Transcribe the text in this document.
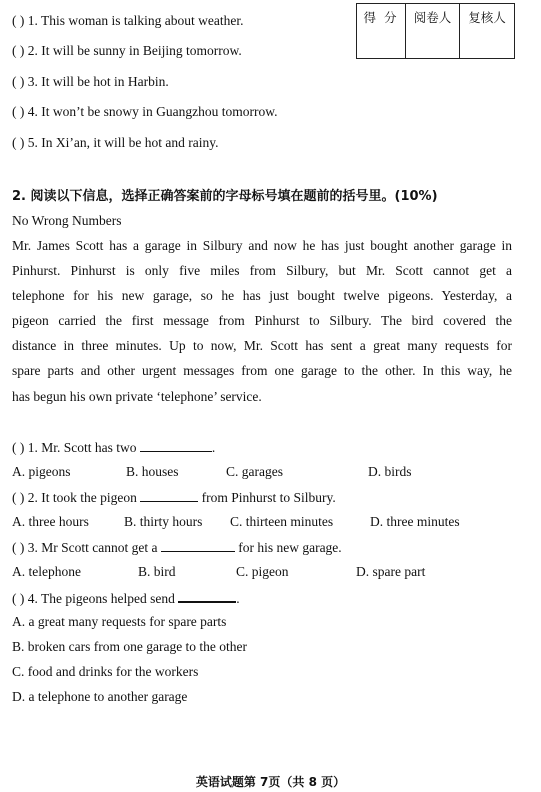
得 分	阅卷人	复核人
( ) 1. This woman is talking about weather.
( ) 2. It will be sunny in Beijing tomorrow.
( ) 3. It will be hot in Harbin.
( ) 4. It won’t be snowy in Guangzhou tomorrow.
( ) 5. In Xi’an, it will be hot and rainy.
2. 阅读以下信息，选择正确答案前的字母标号填在题前的括号里。(10%)
No Wrong Numbers
Mr. James Scott has a garage in Silbury and now he has just bought another garage in
Pinhurst. Pinhurst is only five miles from Silbury, but Mr. Scott cannot get a
telephone for his new garage, so he has just bought twelve pigeons. Yesterday, a
pigeon carried the first message from Pinhurst to Silbury. The bird covered the
distance in three minutes. Up to now, Mr. Scott has sent a great many requests for
spare parts and other urgent messages from one garage to the other. In this way, he
has begun his own private ‘telephone’ service.
( ) 1. Mr. Scott has two	.
A. pigeons	B. houses	C. garages	D. birds
( ) 2. It took the pigeon	from Pinhurst to Silbury.
A. three hours	B. thirty hours C. thirteen minutes	D. three minutes
( ) 3. Mr Scott cannot get a	for his new garage.
A. telephone	B. bird	C. pigeon	D. spare part
( ) 4. The pigeons helped send	.
A. a great many requests for spare parts
B. broken cars from one garage to the other
C. food and drinks for the workers
D. a telephone to another garage
英语试题第 7页（共 8 页）
